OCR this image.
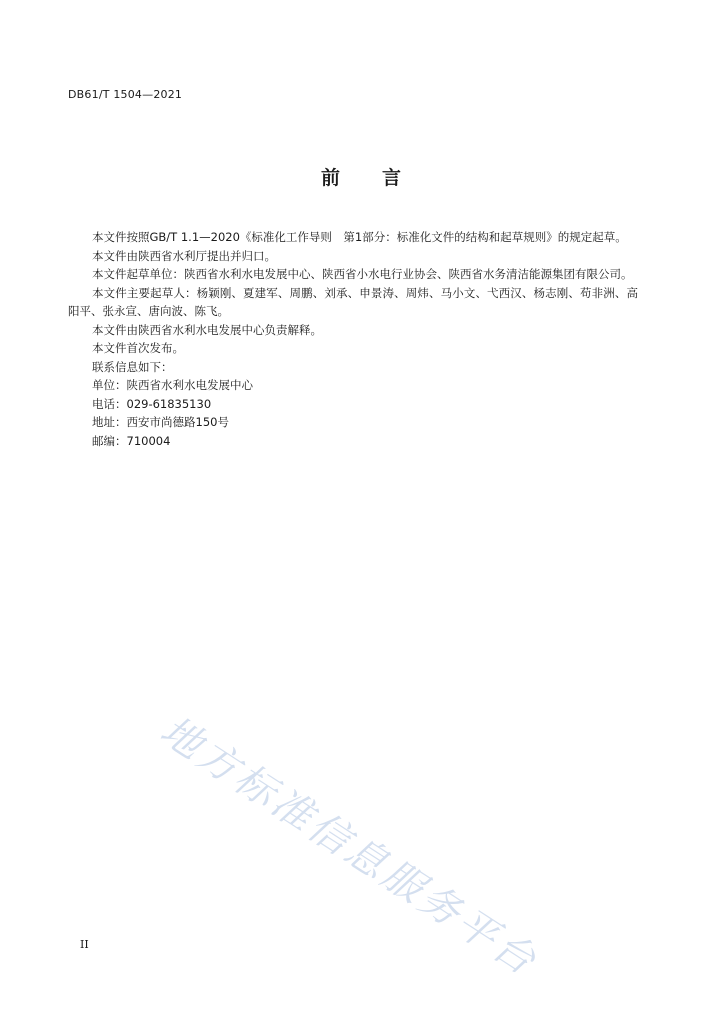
DB61/T 1504—2021
前 言

本文件按照GB/T 1.1—2020《标准化工作导则　第1部分：标准化文件的结构和起草规则》的规定起草。

本文件由陕西省水利厅提出并归口。

本文件起草单位：陕西省水利水电发展中心、陕西省小水电行业协会、陕西省水务清洁能源集团有限公司。

本文件主要起草人：杨颖刚、夏建军、周鹏、刘承、申景涛、周炜、马小文、弋西汉、杨志刚、苟非洲、高阳平、张永宣、唐向波、陈飞。

本文件由陕西省水利水电发展中心负责解释。

本文件首次发布。

联系信息如下：

单位：陕西省水利水电发展中心

电话：029-61835130

地址：西安市尚德路150号

邮编：710004

地方标准信息服务平台
II
